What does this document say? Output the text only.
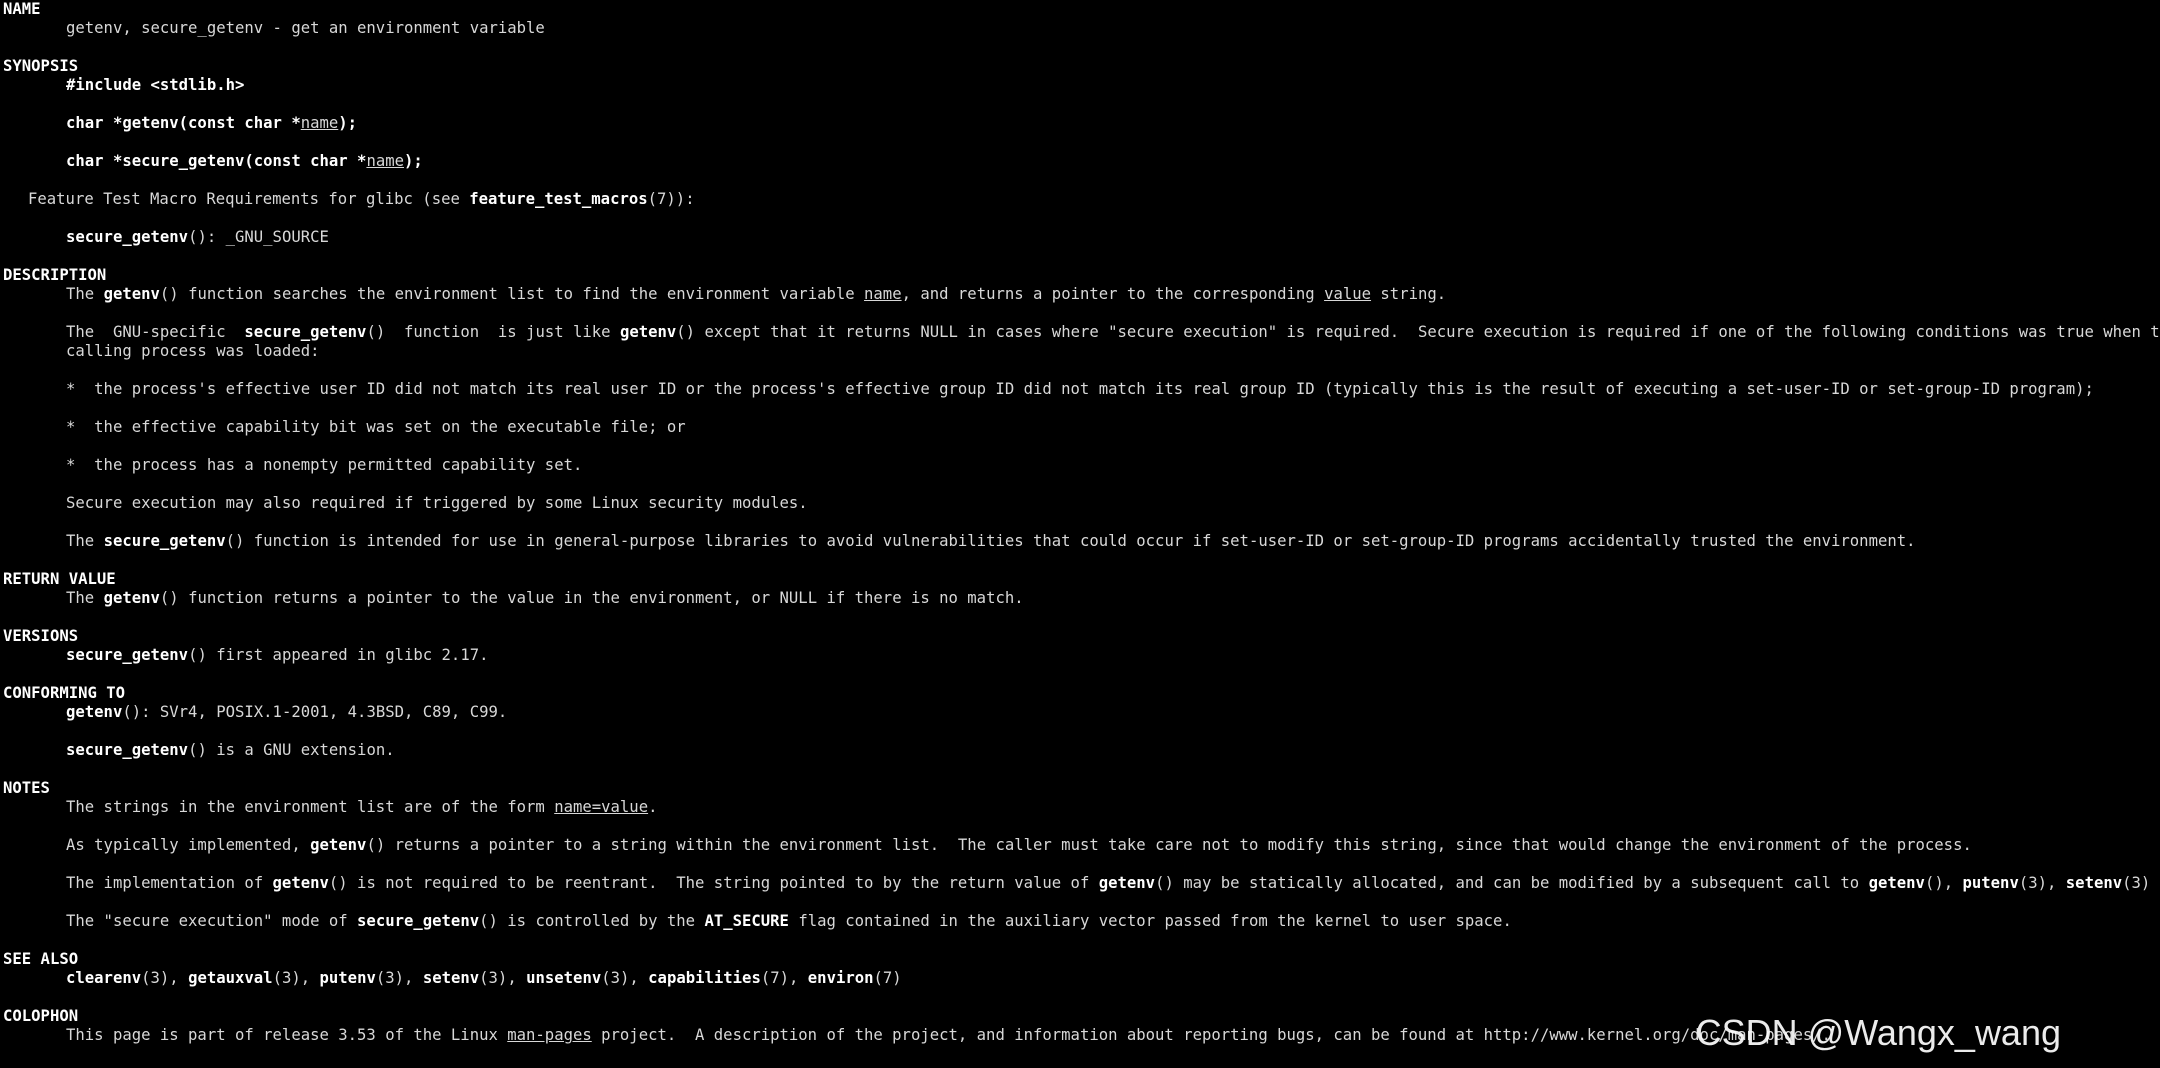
NAME
getenv, secure_getenv - get an environment variable
SYNOPSIS
#include <stdlib.h>
char *getenv(const char *name);
char *secure_getenv(const char *name);
Feature Test Macro Requirements for glibc (see feature_test_macros(7)):
secure_getenv(): _GNU_SOURCE
DESCRIPTION
The getenv() function searches the environment list to find the environment variable name, and returns a pointer to the corresponding value string.
The  GNU-specific  secure_getenv()  function  is just like getenv() except that it returns NULL in cases where "secure execution" is required.  Secure execution is required if one of the following conditions was true when t
calling process was loaded:
*  the process's effective user ID did not match its real user ID or the process's effective group ID did not match its real group ID (typically this is the result of executing a set-user-ID or set-group-ID program);
*  the effective capability bit was set on the executable file; or
*  the process has a nonempty permitted capability set.
Secure execution may also required if triggered by some Linux security modules.
The secure_getenv() function is intended for use in general-purpose libraries to avoid vulnerabilities that could occur if set-user-ID or set-group-ID programs accidentally trusted the environment.
RETURN VALUE
The getenv() function returns a pointer to the value in the environment, or NULL if there is no match.
VERSIONS
secure_getenv() first appeared in glibc 2.17.
CONFORMING TO
getenv(): SVr4, POSIX.1-2001, 4.3BSD, C89, C99.
secure_getenv() is a GNU extension.
NOTES
The strings in the environment list are of the form name=value.
As typically implemented, getenv() returns a pointer to a string within the environment list.  The caller must take care not to modify this string, since that would change the environment of the process.
The implementation of getenv() is not required to be reentrant.  The string pointed to by the return value of getenv() may be statically allocated, and can be modified by a subsequent call to getenv(), putenv(3), setenv(3)
The "secure execution" mode of secure_getenv() is controlled by the AT_SECURE flag contained in the auxiliary vector passed from the kernel to user space.
SEE ALSO
clearenv(3), getauxval(3), putenv(3), setenv(3), unsetenv(3), capabilities(7), environ(7)
COLOPHON
This page is part of release 3.53 of the Linux man-pages project.  A description of the project, and information about reporting bugs, can be found at http://www.kernel.org/doc/man-pages/.
CSDN @Wangx_wang
